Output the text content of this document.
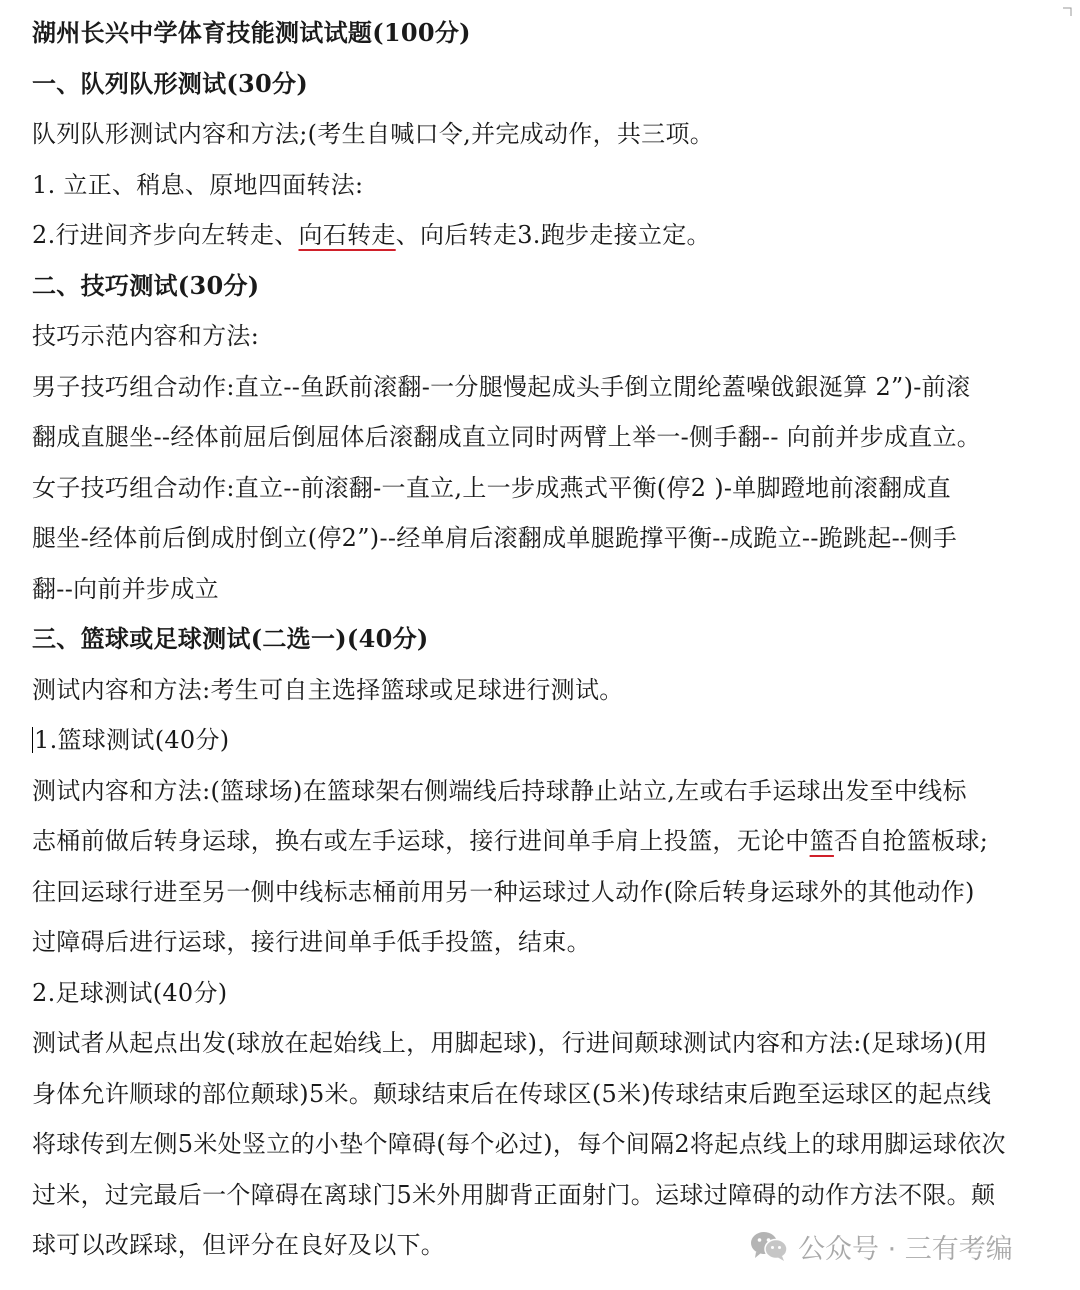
湖州长兴中学体育技能测试试题(100分)
一、队列队形测试(30分)
队列队形测试内容和方法;(考生自喊口令,并完成动作，共三项。
1. 立正、稍息、原地四面转法:
2.行进间齐步向左转走、向石转走、向后转走3.跑步走接立定。
二、技巧测试(30分)
技巧示范内容和方法:
男子技巧组合动作:直立--鱼跃前滚翻-一分腿慢起成头手倒立閒纶蓋噪戗銀涎算 2”)-前滚
翻成直腿坐--经体前屈后倒屈体后滚翻成直立同时两臂上举一-侧手翻-- 向前并步成直立。
女子技巧组合动作:直立--前滚翻-一直立,上一步成燕式平衡(停2 )-单脚蹬地前滚翻成直
腿坐-经体前后倒成肘倒立(停2”)--经单肩后滚翻成单腿跪撑平衡--成跪立--跪跳起--侧手
翻--向前并步成立
三、篮球或足球测试(二选一)(40分)
测试内容和方法:考生可自主选择篮球或足球进行测试。
1.篮球测试(40分)
测试内容和方法:(篮球场)在篮球架右侧端线后持球静止站立,左或右手运球出发至中线标
志桶前做后转身运球，换右或左手运球，接行进间单手肩上投篮，无论中篮否自抢篮板球;
往回运球行进至另一侧中线标志桶前用另一种运球过人动作(除后转身运球外的其他动作)
过障碍后进行运球，接行进间单手低手投篮，结束。
2.足球测试(40分)
测试者从起点出发(球放在起始线上，用脚起球)，行进间颠球测试内容和方法:(足球场)(用
身体允许顺球的部位颠球)5米。颠球结束后在传球区(5米)传球结束后跑至运球区的起点线
将球传到左侧5米处竖立的小垫个障碍(每个必过)，每个间隔2将起点线上的球用脚运球依次
过米，过完最后一个障碍在离球门5米外用脚背正面射门。运球过障碍的动作方法不限。颠
球可以改踩球，但评分在良好及以下。	公众号 · 三有考编
